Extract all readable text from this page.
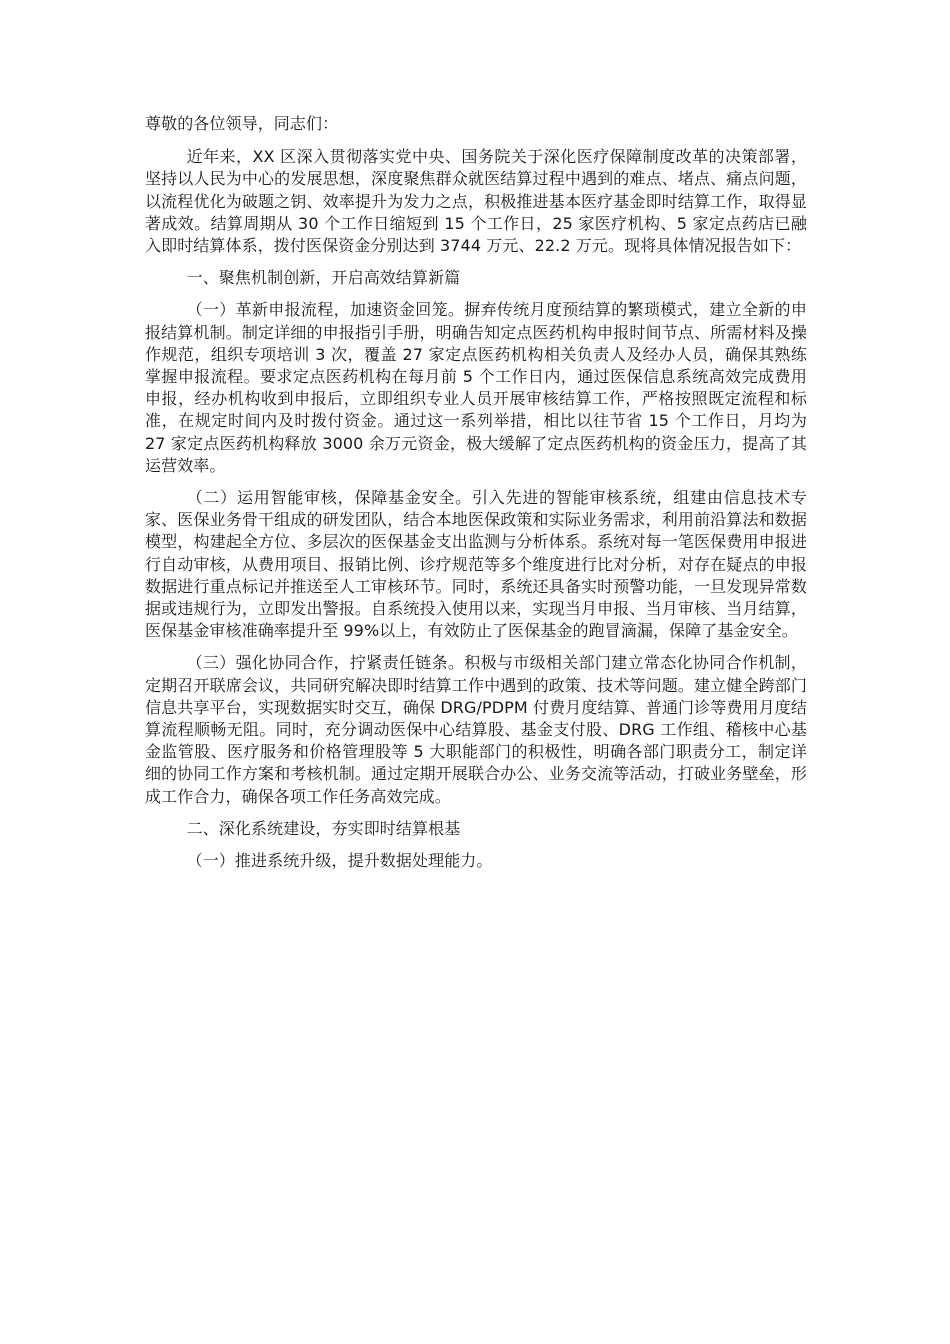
尊敬的各位领导，同志们：

近年来，XX 区深入贯彻落实党中央、国务院关于深化医疗保障制度改革的决策部署，坚持以人民为中心的发展思想，深度聚焦群众就医结算过程中遇到的难点、堵点、痛点问题，以流程优化为破题之钥、效率提升为发力之点，积极推进基本医疗基金即时结算工作，取得显著成效。结算周期从 30 个工作日缩短到 15 个工作日，25 家医疗机构、5 家定点药店已融入即时结算体系，拨付医保资金分别达到 3744 万元、22.2 万元。现将具体情况报告如下：

一、聚焦机制创新，开启高效结算新篇

（一）革新申报流程，加速资金回笼。摒弃传统月度预结算的繁琐模式，建立全新的申报结算机制。制定详细的申报指引手册，明确告知定点医药机构申报时间节点、所需材料及操作规范，组织专项培训 3 次，覆盖 27 家定点医药机构相关负责人及经办人员，确保其熟练掌握申报流程。要求定点医药机构在每月前 5 个工作日内，通过医保信息系统高效完成费用申报，经办机构收到申报后，立即组织专业人员开展审核结算工作，严格按照既定流程和标准，在规定时间内及时拨付资金。通过这一系列举措，相比以往节省 15 个工作日，月均为 27 家定点医药机构释放 3000 余万元资金，极大缓解了定点医药机构的资金压力，提高了其运营效率。

（二）运用智能审核，保障基金安全。引入先进的智能审核系统，组建由信息技术专家、医保业务骨干组成的研发团队，结合本地医保政策和实际业务需求，利用前沿算法和数据模型，构建起全方位、多层次的医保基金支出监测与分析体系。系统对每一笔医保费用申报进行自动审核，从费用项目、报销比例、诊疗规范等多个维度进行比对分析，对存在疑点的申报数据进行重点标记并推送至人工审核环节。同时，系统还具备实时预警功能，一旦发现异常数据或违规行为，立即发出警报。自系统投入使用以来，实现当月申报、当月审核、当月结算，医保基金审核准确率提升至 99%以上，有效防止了医保基金的跑冒滴漏，保障了基金安全。

（三）强化协同合作，拧紧责任链条。积极与市级相关部门建立常态化协同合作机制，定期召开联席会议，共同研究解决即时结算工作中遇到的政策、技术等问题。建立健全跨部门信息共享平台，实现数据实时交互，确保 DRG/PDPM 付费月度结算、普通门诊等费用月度结算流程顺畅无阻。同时，充分调动医保中心结算股、基金支付股、DRG 工作组、稽核中心基金监管股、医疗服务和价格管理股等 5 大职能部门的积极性，明确各部门职责分工，制定详细的协同工作方案和考核机制。通过定期开展联合办公、业务交流等活动，打破业务壁垒，形成工作合力，确保各项工作任务高效完成。

二、深化系统建设，夯实即时结算根基

（一）推进系统升级，提升数据处理能力。
